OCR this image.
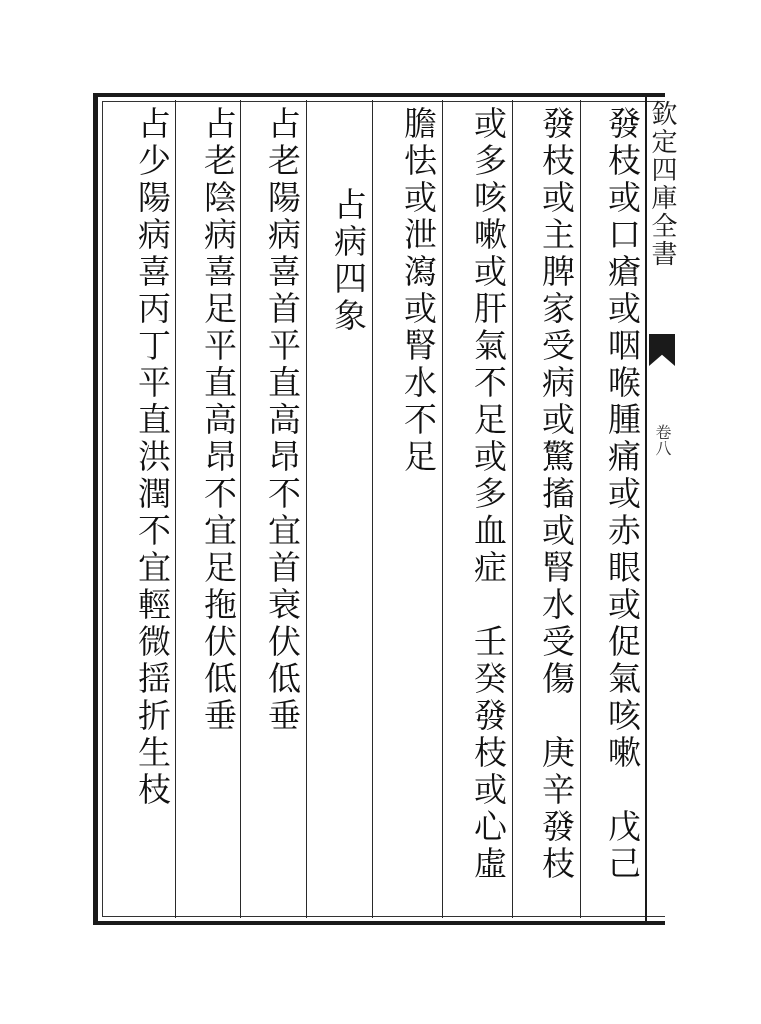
欽定四庫全書
卷八
發枝或口瘡或咽喉腫痛或赤眼或促氣咳嗽　戊己
發枝或主脾家受病或驚搐或腎水受傷　庚辛發枝
或多咳嗽或肝氣不足或多血症　壬癸發枝或心虛
膽怯或泄瀉或腎水不足
　占病四象
占老陽病喜首平直高昂不宜首衰伏低垂
占老陰病喜足平直高昂不宜足拖伏低垂
占少陽病喜丙丁平直洪潤不宜輕微揺折生枝
